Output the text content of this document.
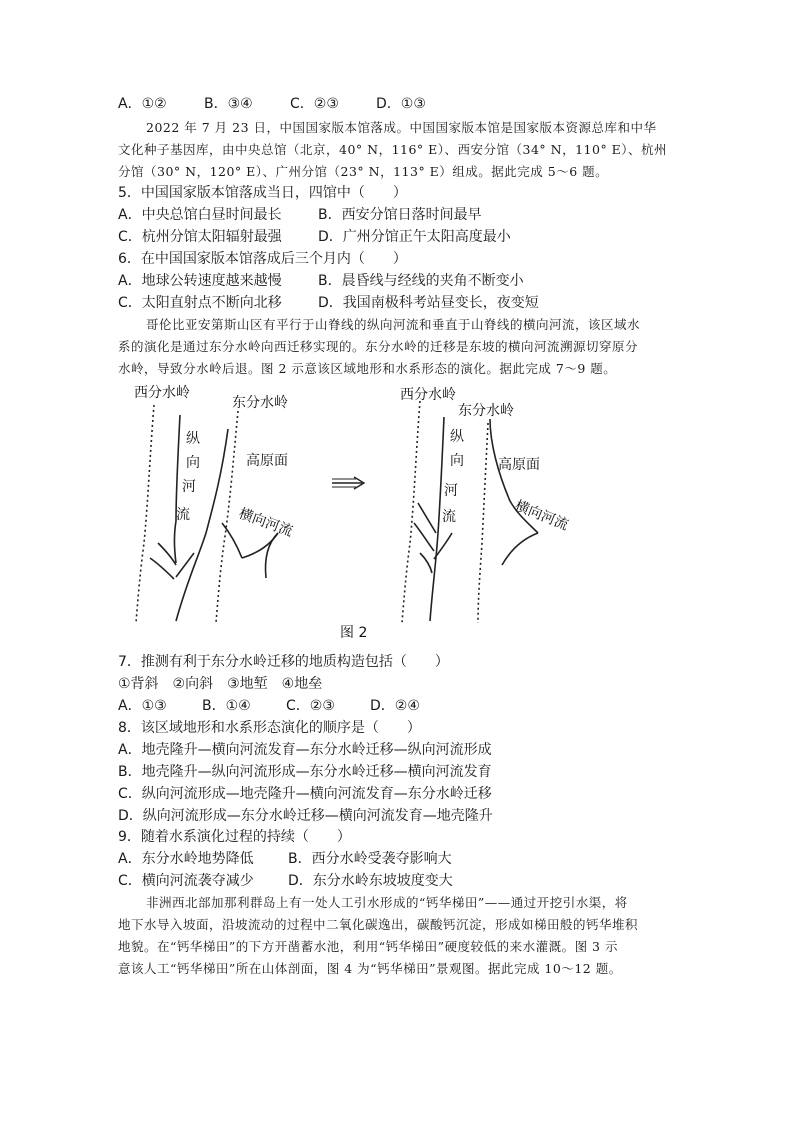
A．①②	B．③④	C．②③	D．①③
2022 年 7 月 23 日，中国国家版本馆落成。中国国家版本馆是国家版本资源总库和中华
文化种子基因库，由中央总馆（北京，40° N，116° E）、西安分馆（34° N，110° E）、杭州
分馆（30° N，120° E）、广州分馆（23° N，113° E）组成。据此完成 5～6 题。
5．中国国家版本馆落成当日，四馆中（　　）
A．中央总馆白昼时间最长	B．西安分馆日落时间最早
C．杭州分馆太阳辐射最强	D．广州分馆正午太阳高度最小
6．在中国国家版本馆落成后三个月内（　　）
A．地球公转速度越来越慢	B．晨昏线与经线的夹角不断变小
C．太阳直射点不断向北移	D．我国南极科考站昼变长，夜变短
哥伦比亚安第斯山区有平行于山脊线的纵向河流和垂直于山脊线的横向河流，该区域水
系的演化是通过东分水岭向西迁移实现的。东分水岭的迁移是东坡的横向河流溯源切穿原分
水岭，导致分水岭后退。图 2 示意该区域地形和水系形态的演化。据此完成 7～9 题。
西分水岭
东分水岭
纵
向
河
流
高原面
横向河流
西分水岭
东分水岭
纵
向
河
流
高原面
横向河流
图 2
7．推测有利于东分水岭迁移的地质构造包括（　　）
①背斜　②向斜　③地堑　④地垒
A．①③	B．①④	C．②③	D．②④
8．该区域地形和水系形态演化的顺序是（　　）
A．地壳隆升—横向河流发育—东分水岭迁移—纵向河流形成
B．地壳隆升—纵向河流形成—东分水岭迁移—横向河流发育
C．纵向河流形成—地壳隆升—横向河流发育—东分水岭迁移
D．纵向河流形成—东分水岭迁移—横向河流发育—地壳隆升
9．随着水系演化过程的持续（　　）
A．东分水岭地势降低 B．西分水岭受袭夺影响大
C．横向河流袭夺减少 D．东分水岭东坡坡度变大
非洲西北部加那利群岛上有一处人工引水形成的“钙华梯田”——通过开挖引水渠，将
地下水导入坡面，沿坡流动的过程中二氧化碳逸出，碳酸钙沉淀，形成如梯田般的钙华堆积
地貌。在“钙华梯田”的下方开凿蓄水池，利用“钙华梯田”硬度较低的来水灌溉。图 3 示
意该人工“钙华梯田”所在山体剖面，图 4 为“钙华梯田”景观图。据此完成 10～12 题。
